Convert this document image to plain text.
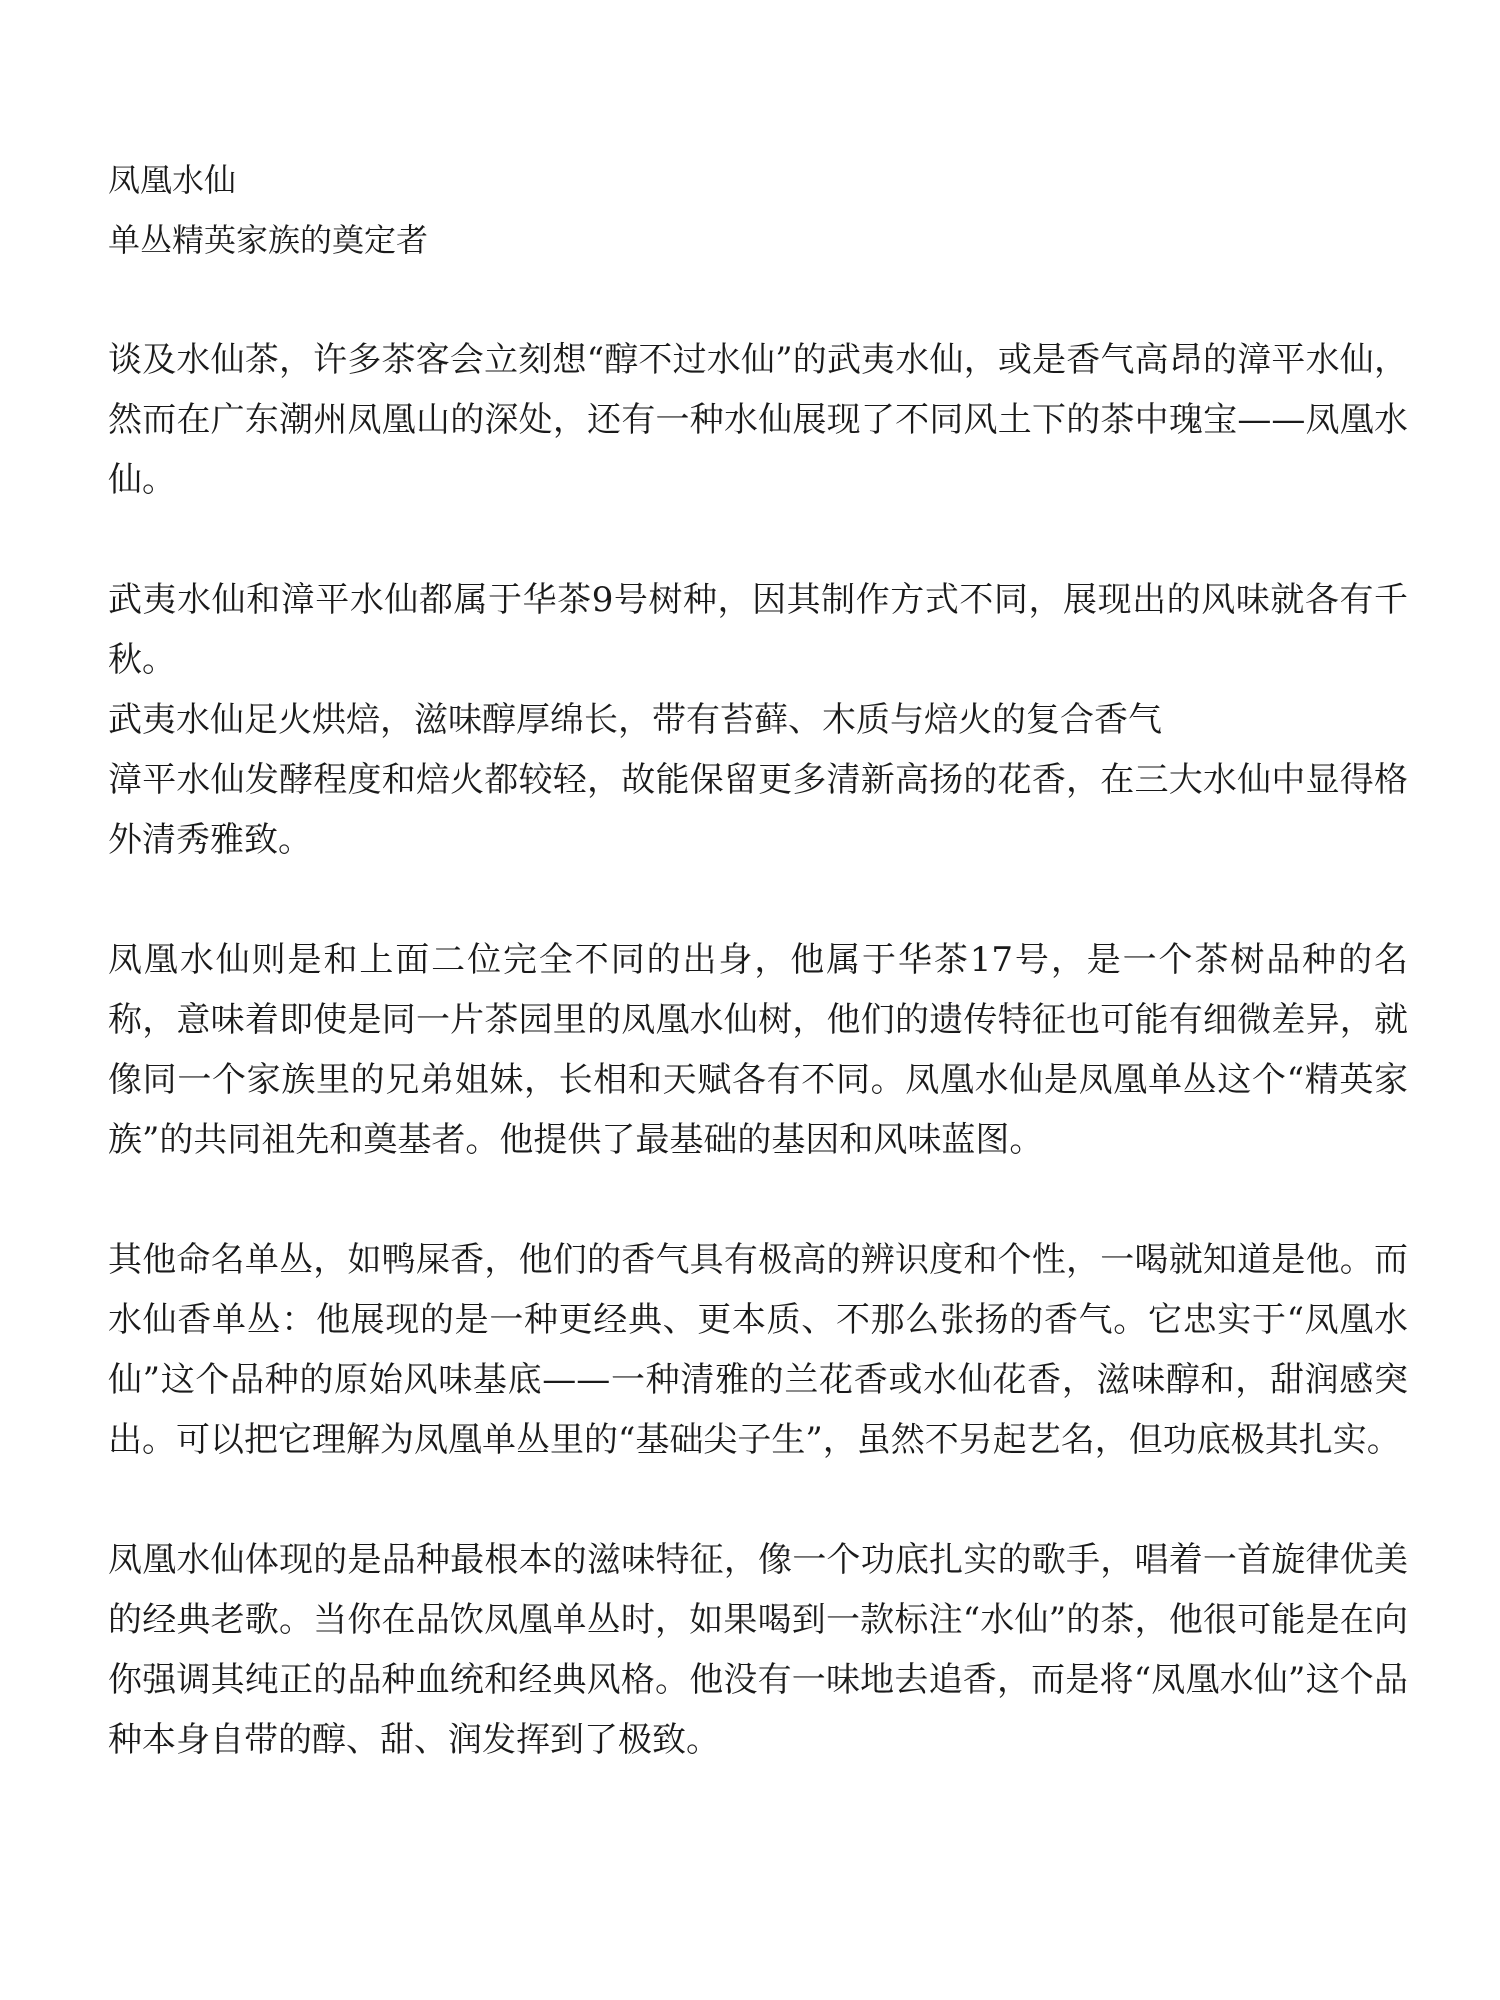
凤凰水仙
单丛精英家族的奠定者

谈及水仙茶，许多茶客会立刻想“醇不过水仙”的武夷水仙，或是香气高昂的漳平水仙，然而在广东潮州凤凰山的深处，还有一种水仙展现了不同风土下的茶中瑰宝——凤凰水仙。

武夷水仙和漳平水仙都属于华茶9号树种，因其制作方式不同，展现出的风味就各有千秋。

武夷水仙足火烘焙，滋味醇厚绵长，带有苔藓、木质与焙火的复合香气

漳平水仙发酵程度和焙火都较轻，故能保留更多清新高扬的花香，在三大水仙中显得格外清秀雅致。

凤凰水仙则是和上面二位完全不同的出身，他属于华茶17号，是一个茶树品种的名称，意味着即使是同一片茶园里的凤凰水仙树，他们的遗传特征也可能有细微差异，就像同一个家族里的兄弟姐妹，长相和天赋各有不同。凤凰水仙是凤凰单丛这个“精英家族”的共同祖先和奠基者。他提供了最基础的基因和风味蓝图。

其他命名单丛，如鸭屎香，他们的香气具有极高的辨识度和个性，一喝就知道是他。而水仙香单丛：他展现的是一种更经典、更本质、不那么张扬的香气。它忠实于“凤凰水仙”这个品种的原始风味基底——一种清雅的兰花香或水仙花香，滋味醇和，甜润感突出。可以把它理解为凤凰单丛里的“基础尖子生”，虽然不另起艺名，但功底极其扎实。

凤凰水仙体现的是品种最根本的滋味特征，像一个功底扎实的歌手，唱着一首旋律优美的经典老歌。当你在品饮凤凰单丛时，如果喝到一款标注“水仙”的茶，他很可能是在向你强调其纯正的品种血统和经典风格。他没有一味地去追香，而是将“凤凰水仙”这个品种本身自带的醇、甜、润发挥到了极致。
